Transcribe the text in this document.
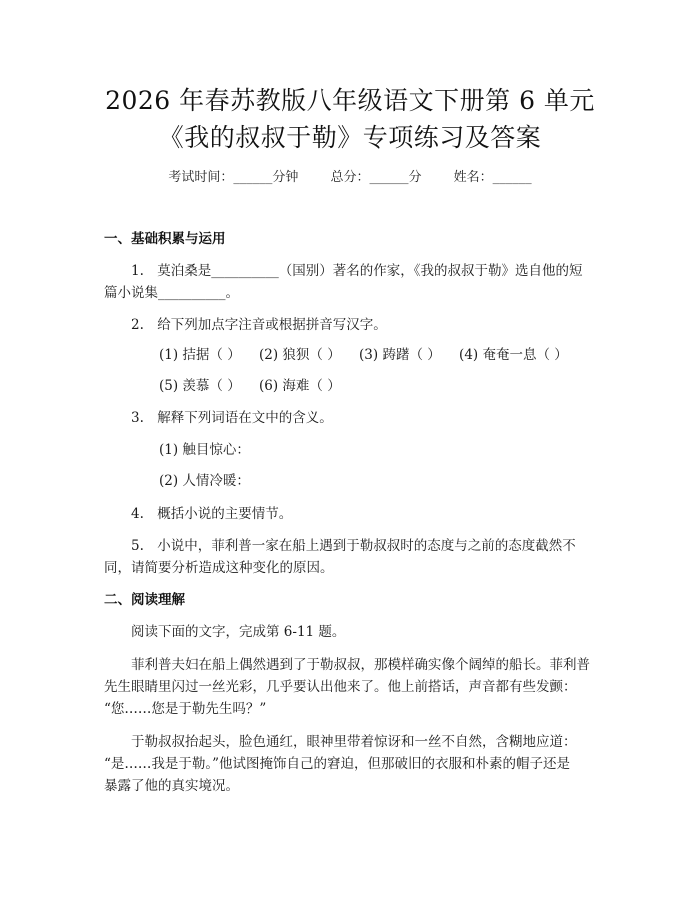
2026 年春苏教版八年级语文下册第 6 单元
《我的叔叔于勒》专项练习及答案
考试时间：______分钟 总分：______分 姓名：______
一、基础积累与运用
1. 莫泊桑是__________（国别）著名的作家，《我的叔叔于勒》选自他的短
篇小说集__________。
2. 给下列加点字注音或根据拼音写汉字。
(1) 拮据（ ） (2) 狼狈（ ） (3) 踌躇（ ） (4) 奄奄一息（ ）
(5) 羡慕（ ） (6) 海难（ ）
3. 解释下列词语在文中的含义。
(1) 触目惊心：
(2) 人情冷暖：
4. 概括小说的主要情节。
5. 小说中，菲利普一家在船上遇到于勒叔叔时的态度与之前的态度截然不
同，请简要分析造成这种变化的原因。
二、阅读理解
阅读下面的文字，完成第 6-11 题。
菲利普夫妇在船上偶然遇到了于勒叔叔，那模样确实像个阔绰的船长。菲利普
先生眼睛里闪过一丝光彩，几乎要认出他来了。他上前搭话，声音都有些发颤：
“您……您是于勒先生吗？”
于勒叔叔抬起头，脸色通红，眼神里带着惊讶和一丝不自然，含糊地应道：
“是……我是于勒。”他试图掩饰自己的窘迫，但那破旧的衣服和朴素的帽子还是
暴露了他的真实境况。
